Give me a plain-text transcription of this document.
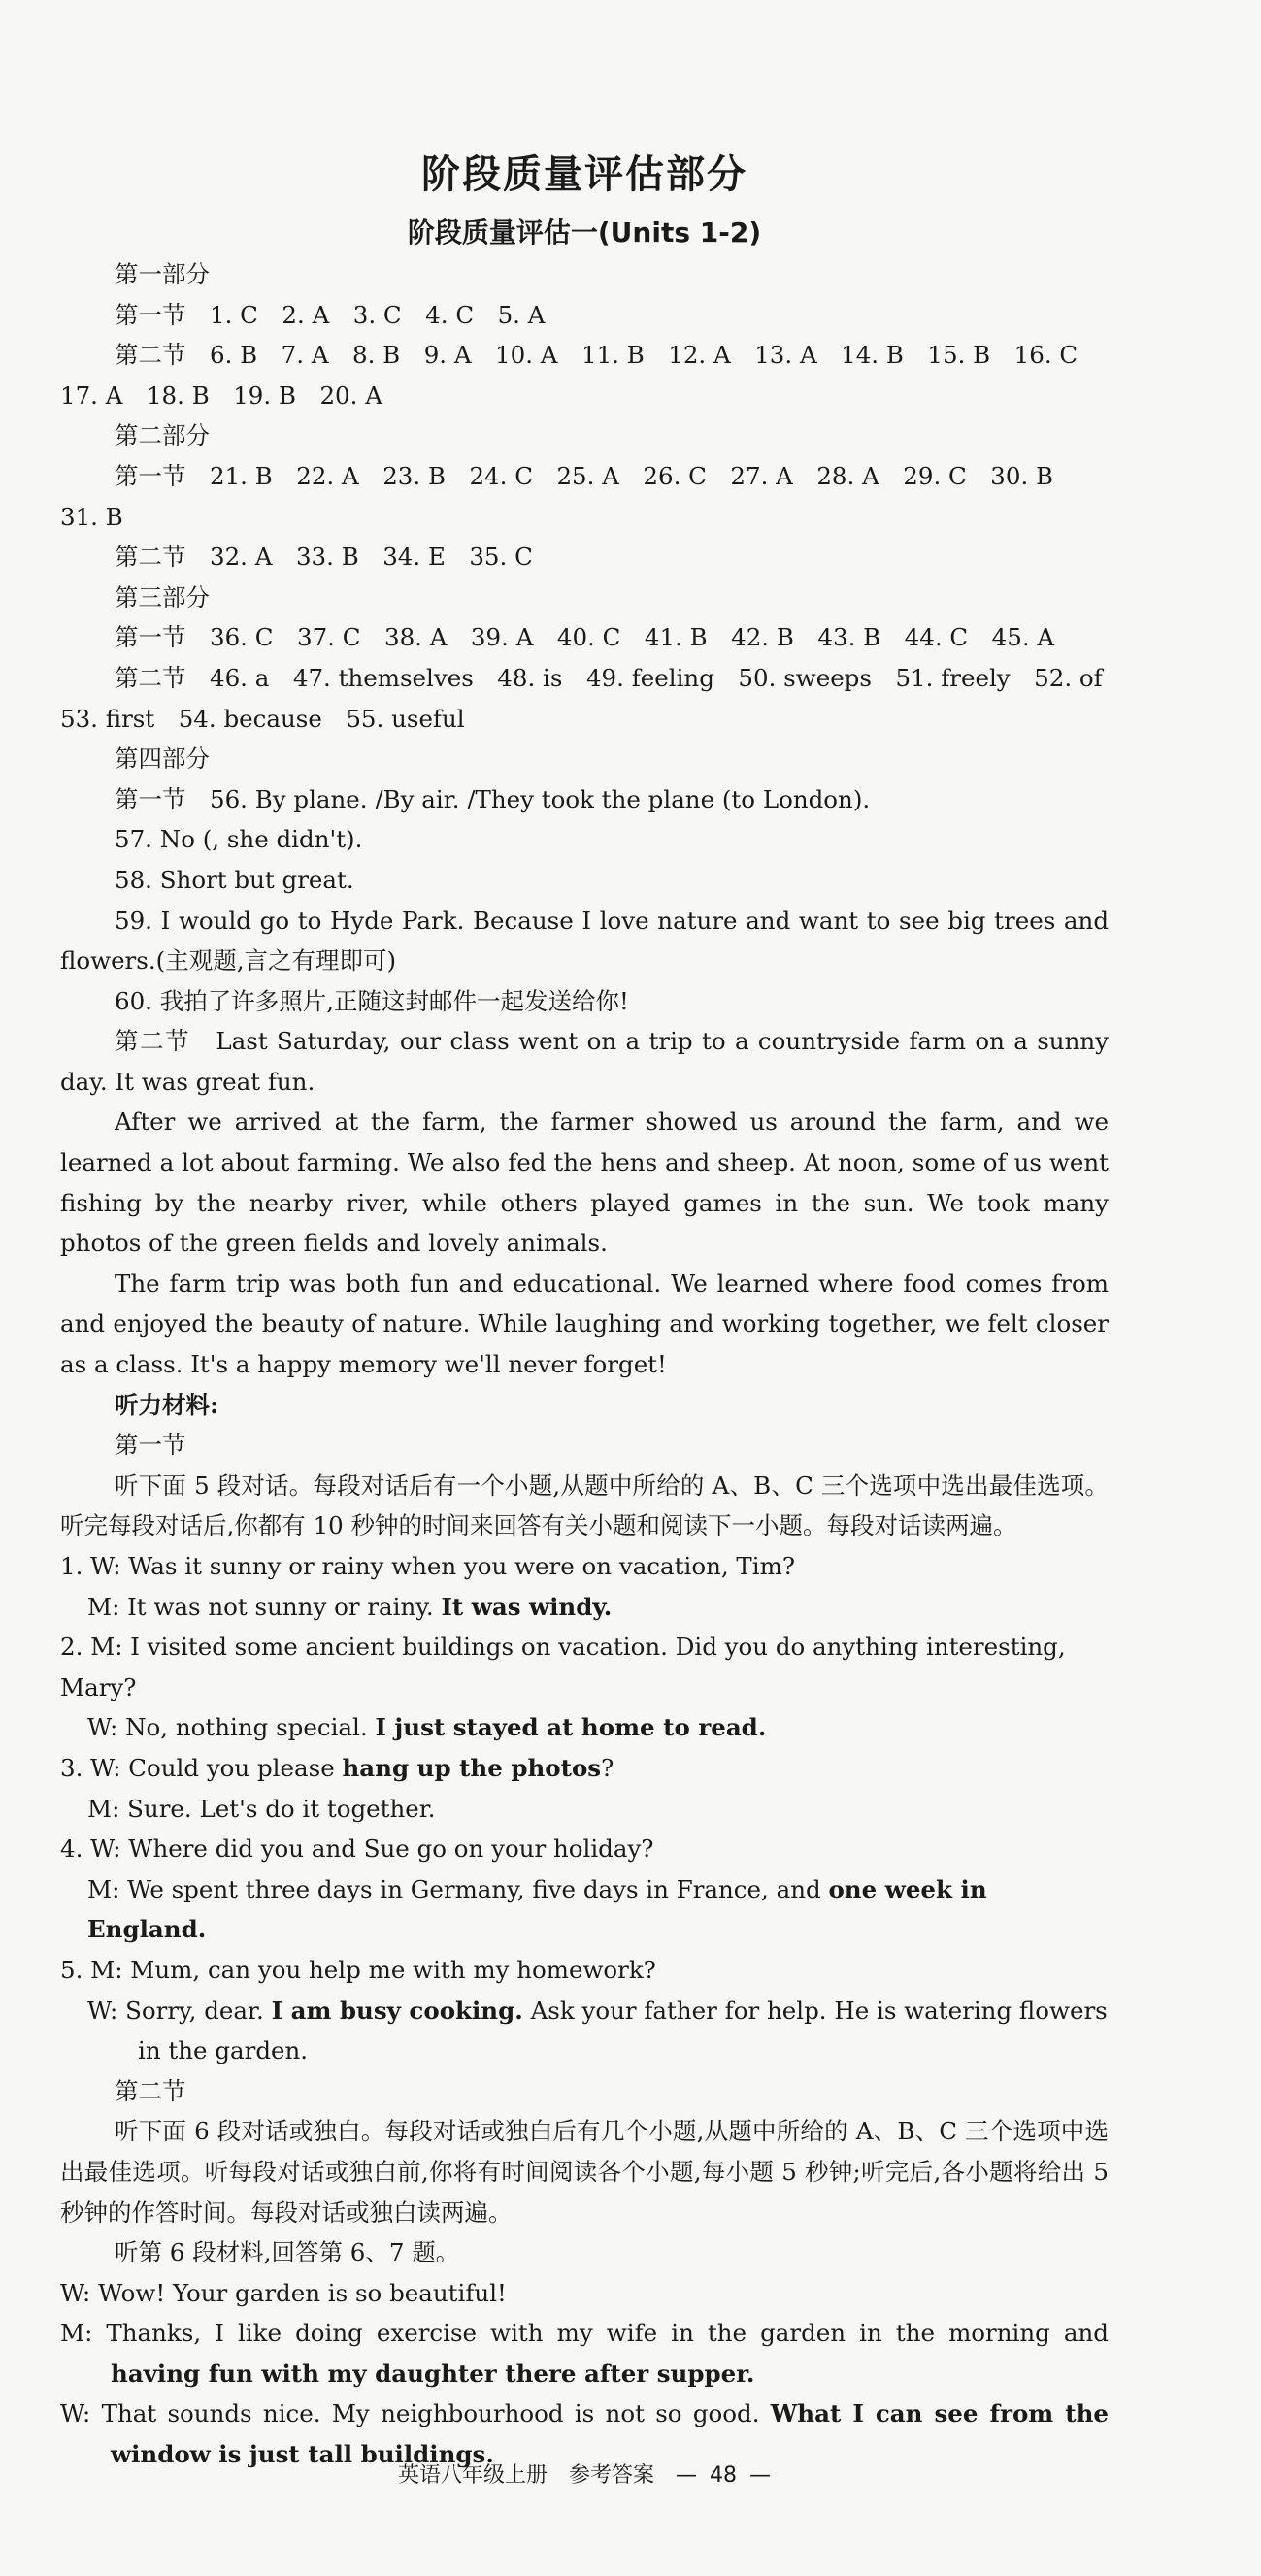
阶段质量评估部分
阶段质量评估一(Units 1-2)

第一部分

第一节　1. C　2. A　3. C　4. C　5. A

第二节　6. B　7. A　8. B　9. A　10. A　11. B　12. A　13. A　14. B　15. B　16. C

17. A　18. B　19. B　20. A

第二部分

第一节　21. B　22. A　23. B　24. C　25. A　26. C　27. A　28. A　29. C　30. B

31. B

第二节　32. A　33. B　34. E　35. C

第三部分

第一节　36. C　37. C　38. A　39. A　40. C　41. B　42. B　43. B　44. C　45. A

第二节　46. a　47. themselves　48. is　49. feeling　50. sweeps　51. freely　52. of

53. first　54. because　55. useful

第四部分

第一节　56. By plane. /By air. /They took the plane (to London).

57. No (, she didn't).

58. Short but great.

59. I would go to Hyde Park. Because I love nature and want to see big trees and flowers.(主观题,言之有理即可)

60. 我拍了许多照片,正随这封邮件一起发送给你!

第二节　Last Saturday, our class went on a trip to a countryside farm on a sunny day. It was great fun.

After we arrived at the farm, the farmer showed us around the farm, and we learned a lot about farming. We also fed the hens and sheep. At noon, some of us went fishing by the nearby river, while others played games in the sun. We took many photos of the green fields and lovely animals.

The farm trip was both fun and educational. We learned where food comes from and enjoyed the beauty of nature. While laughing and working together, we felt closer as a class. It's a happy memory we'll never forget!

听力材料:

第一节

听下面 5 段对话。每段对话后有一个小题,从题中所给的 A、B、C 三个选项中选出最佳选项。听完每段对话后,你都有 10 秒钟的时间来回答有关小题和阅读下一小题。每段对话读两遍。

1. W: Was it sunny or rainy when you were on vacation, Tim?

M: It was not sunny or rainy. It was windy.

2. M: I visited some ancient buildings on vacation. Did you do anything interesting, Mary?

W: No, nothing special. I just stayed at home to read.

3. W: Could you please hang up the photos?

M: Sure. Let's do it together.

4. W: Where did you and Sue go on your holiday?

M: We spent three days in Germany, five days in France, and one week in England.

5. M: Mum, can you help me with my homework?

W: Sorry, dear. I am busy cooking. Ask your father for help. He is watering flowers in the garden.

第二节

听下面 6 段对话或独白。每段对话或独白后有几个小题,从题中所给的 A、B、C 三个选项中选出最佳选项。听每段对话或独白前,你将有时间阅读各个小题,每小题 5 秒钟;听完后,各小题将给出 5 秒钟的作答时间。每段对话或独白读两遍。

听第 6 段材料,回答第 6、7 题。

W: Wow! Your garden is so beautiful!

M: Thanks, I like doing exercise with my wife in the garden in the morning and having fun with my daughter there after supper.

W: That sounds nice. My neighbourhood is not so good. What I can see from the window is just tall buildings.

英语八年级上册　参考答案　— 48 —
